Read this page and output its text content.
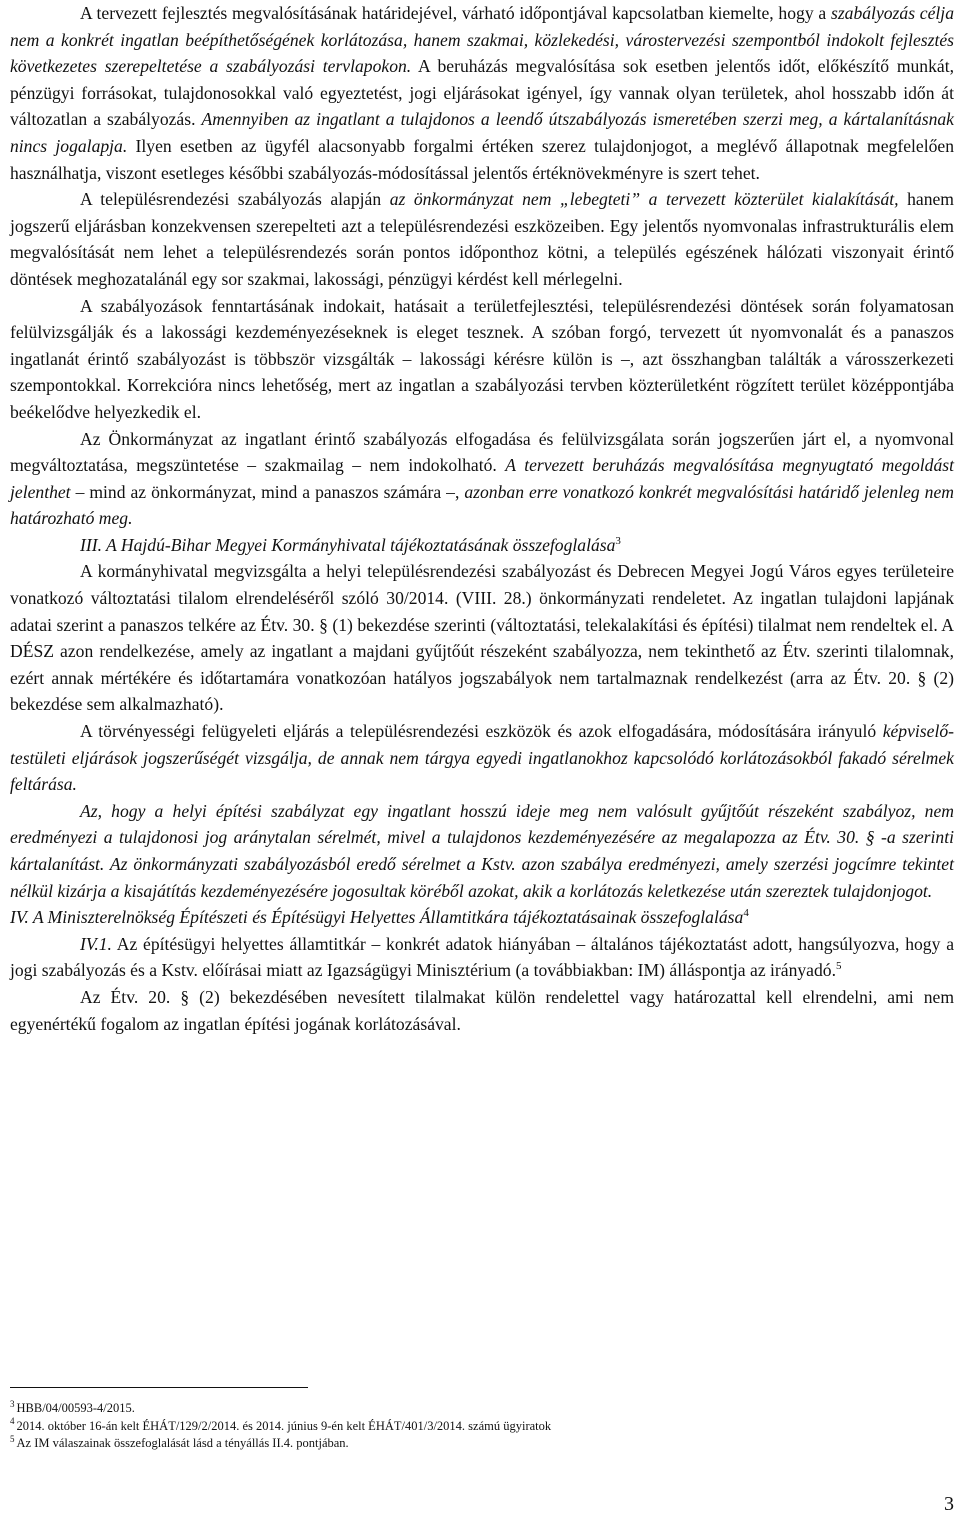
A tervezett fejlesztés megvalósításának határidejével, várható időpontjával kapcsolatban kiemelte, hogy a szabályozás célja nem a konkrét ingatlan beépíthetőségének korlátozása, hanem szakmai, közlekedési, várostervezési szempontból indokolt fejlesztés következetes szerepeltetése a szabályozási tervlapokon. A beruházás megvalósítása sok esetben jelentős időt, előkészítő munkát, pénzügyi forrásokat, tulajdonosokkal való egyeztetést, jogi eljárásokat igényel, így vannak olyan területek, ahol hosszabb időn át változatlan a szabályozás. Amennyiben az ingatlant a tulajdonos a leendő útszabályozás ismeretében szerzi meg, a kártalanításnak nincs jogalapja. Ilyen esetben az ügyfél alacsonyabb forgalmi értéken szerez tulajdonjogot, a meglévő állapotnak megfelelően használhatja, viszont esetleges későbbi szabályozás-módosítással jelentős értéknövekményre is szert tehet.

A településrendezési szabályozás alapján az önkormányzat nem „lebegteti” a tervezett közterület kialakítását, hanem jogszerű eljárásban konzekvensen szerepelteti azt a településrendezési eszközeiben. Egy jelentős nyomvonalas infrastrukturális elem megvalósítását nem lehet a településrendezés során pontos időponthoz kötni, a település egészének hálózati viszonyait érintő döntések meghozatalánál egy sor szakmai, lakossági, pénzügyi kérdést kell mérlegelni.

A szabályozások fenntartásának indokait, hatásait a területfejlesztési, településrendezési döntések során folyamatosan felülvizsgálják és a lakossági kezdeményezéseknek is eleget tesznek. A szóban forgó, tervezett út nyomvonalát és a panaszos ingatlanát érintő szabályozást is többször vizsgálták – lakossági kérésre külön is –, azt összhangban találták a városszerkezeti szempontokkal. Korrekcióra nincs lehetőség, mert az ingatlan a szabályozási tervben közterületként rögzített terület középpontjába beékelődve helyezkedik el.

Az Önkormányzat az ingatlant érintő szabályozás elfogadása és felülvizsgálata során jogszerűen járt el, a nyomvonal megváltoztatása, megszüntetése – szakmailag – nem indokolható. A tervezett beruházás megvalósítása megnyugtató megoldást jelenthet – mind az önkormányzat, mind a panaszos számára –, azonban erre vonatkozó konkrét megvalósítási határidő jelenleg nem határozható meg.

III. A Hajdú-Bihar Megyei Kormányhivatal tájékoztatásának összefoglalása$^3$

A kormányhivatal megvizsgálta a helyi településrendezési szabályozást és Debrecen Megyei Jogú Város egyes területeire vonatkozó változtatási tilalom elrendeléséről szóló 30/2014. (VIII. 28.) önkormányzati rendeletet. Az ingatlan tulajdoni lapjának adatai szerint a panaszos telkére az Étv. 30. § (1) bekezdése szerinti (változtatási, telekalakítási és építési) tilalmat nem rendeltek el. A DÉSZ azon rendelkezése, amely az ingatlant a majdani gyűjtőút részeként szabályozza, nem tekinthető az Étv. szerinti tilalomnak, ezért annak mértékére és időtartamára vonatkozóan hatályos jogszabályok nem tartalmaznak rendelkezést (arra az Étv. 20. § (2) bekezdése sem alkalmazható).

A törvényességi felügyeleti eljárás a településrendezési eszközök és azok elfogadására, módosítására irányuló képviselő-testületi eljárások jogszerűségét vizsgálja, de annak nem tárgya egyedi ingatlanokhoz kapcsolódó korlátozásokból fakadó sérelmek feltárása.

Az, hogy a helyi építési szabályzat egy ingatlant hosszú ideje meg nem valósult gyűjtőút részeként szabályoz, nem eredményezi a tulajdonosi jog aránytalan sérelmét, mivel a tulajdonos kezdeményezésére az megalapozza az Étv. 30. § -a szerinti kártalanítást. Az önkormányzati szabályozásból eredő sérelmet a Kstv. azon szabálya eredményezi, amely szerzési jogcímre tekintet nélkül kizárja a kisajátítás kezdeményezésére jogosultak köréből azokat, akik a korlátozás keletkezése után szereztek tulajdonjogot.

IV. A Miniszterelnökség Építészeti és Építésügyi Helyettes Államtitkára tájékoztatásainak összefoglalása$^4$

IV.1. Az építésügyi helyettes államtitkár – konkrét adatok hiányában – általános tájékoztatást adott, hangsúlyozva, hogy a jogi szabályozás és a Kstv. előírásai miatt az Igazságügyi Minisztérium (a továbbiakban: IM) álláspontja az irányadó.$^5$

Az Étv. 20. § (2) bekezdésében nevesített tilalmakat külön rendelettel vagy határozattal kell elrendelni, ami nem egyenértékű fogalom az ingatlan építési jogának korlátozásával.

$^3$ HBB/04/00593-4/2015.
$^4$ 2014. október 16-án kelt ÉHÁT/129/2/2014. és 2014. június 9-én kelt ÉHÁT/401/3/2014. számú ügyiratok
$^5$ Az IM válaszainak összefoglalását lásd a tényállás II.4. pontjában.
3
